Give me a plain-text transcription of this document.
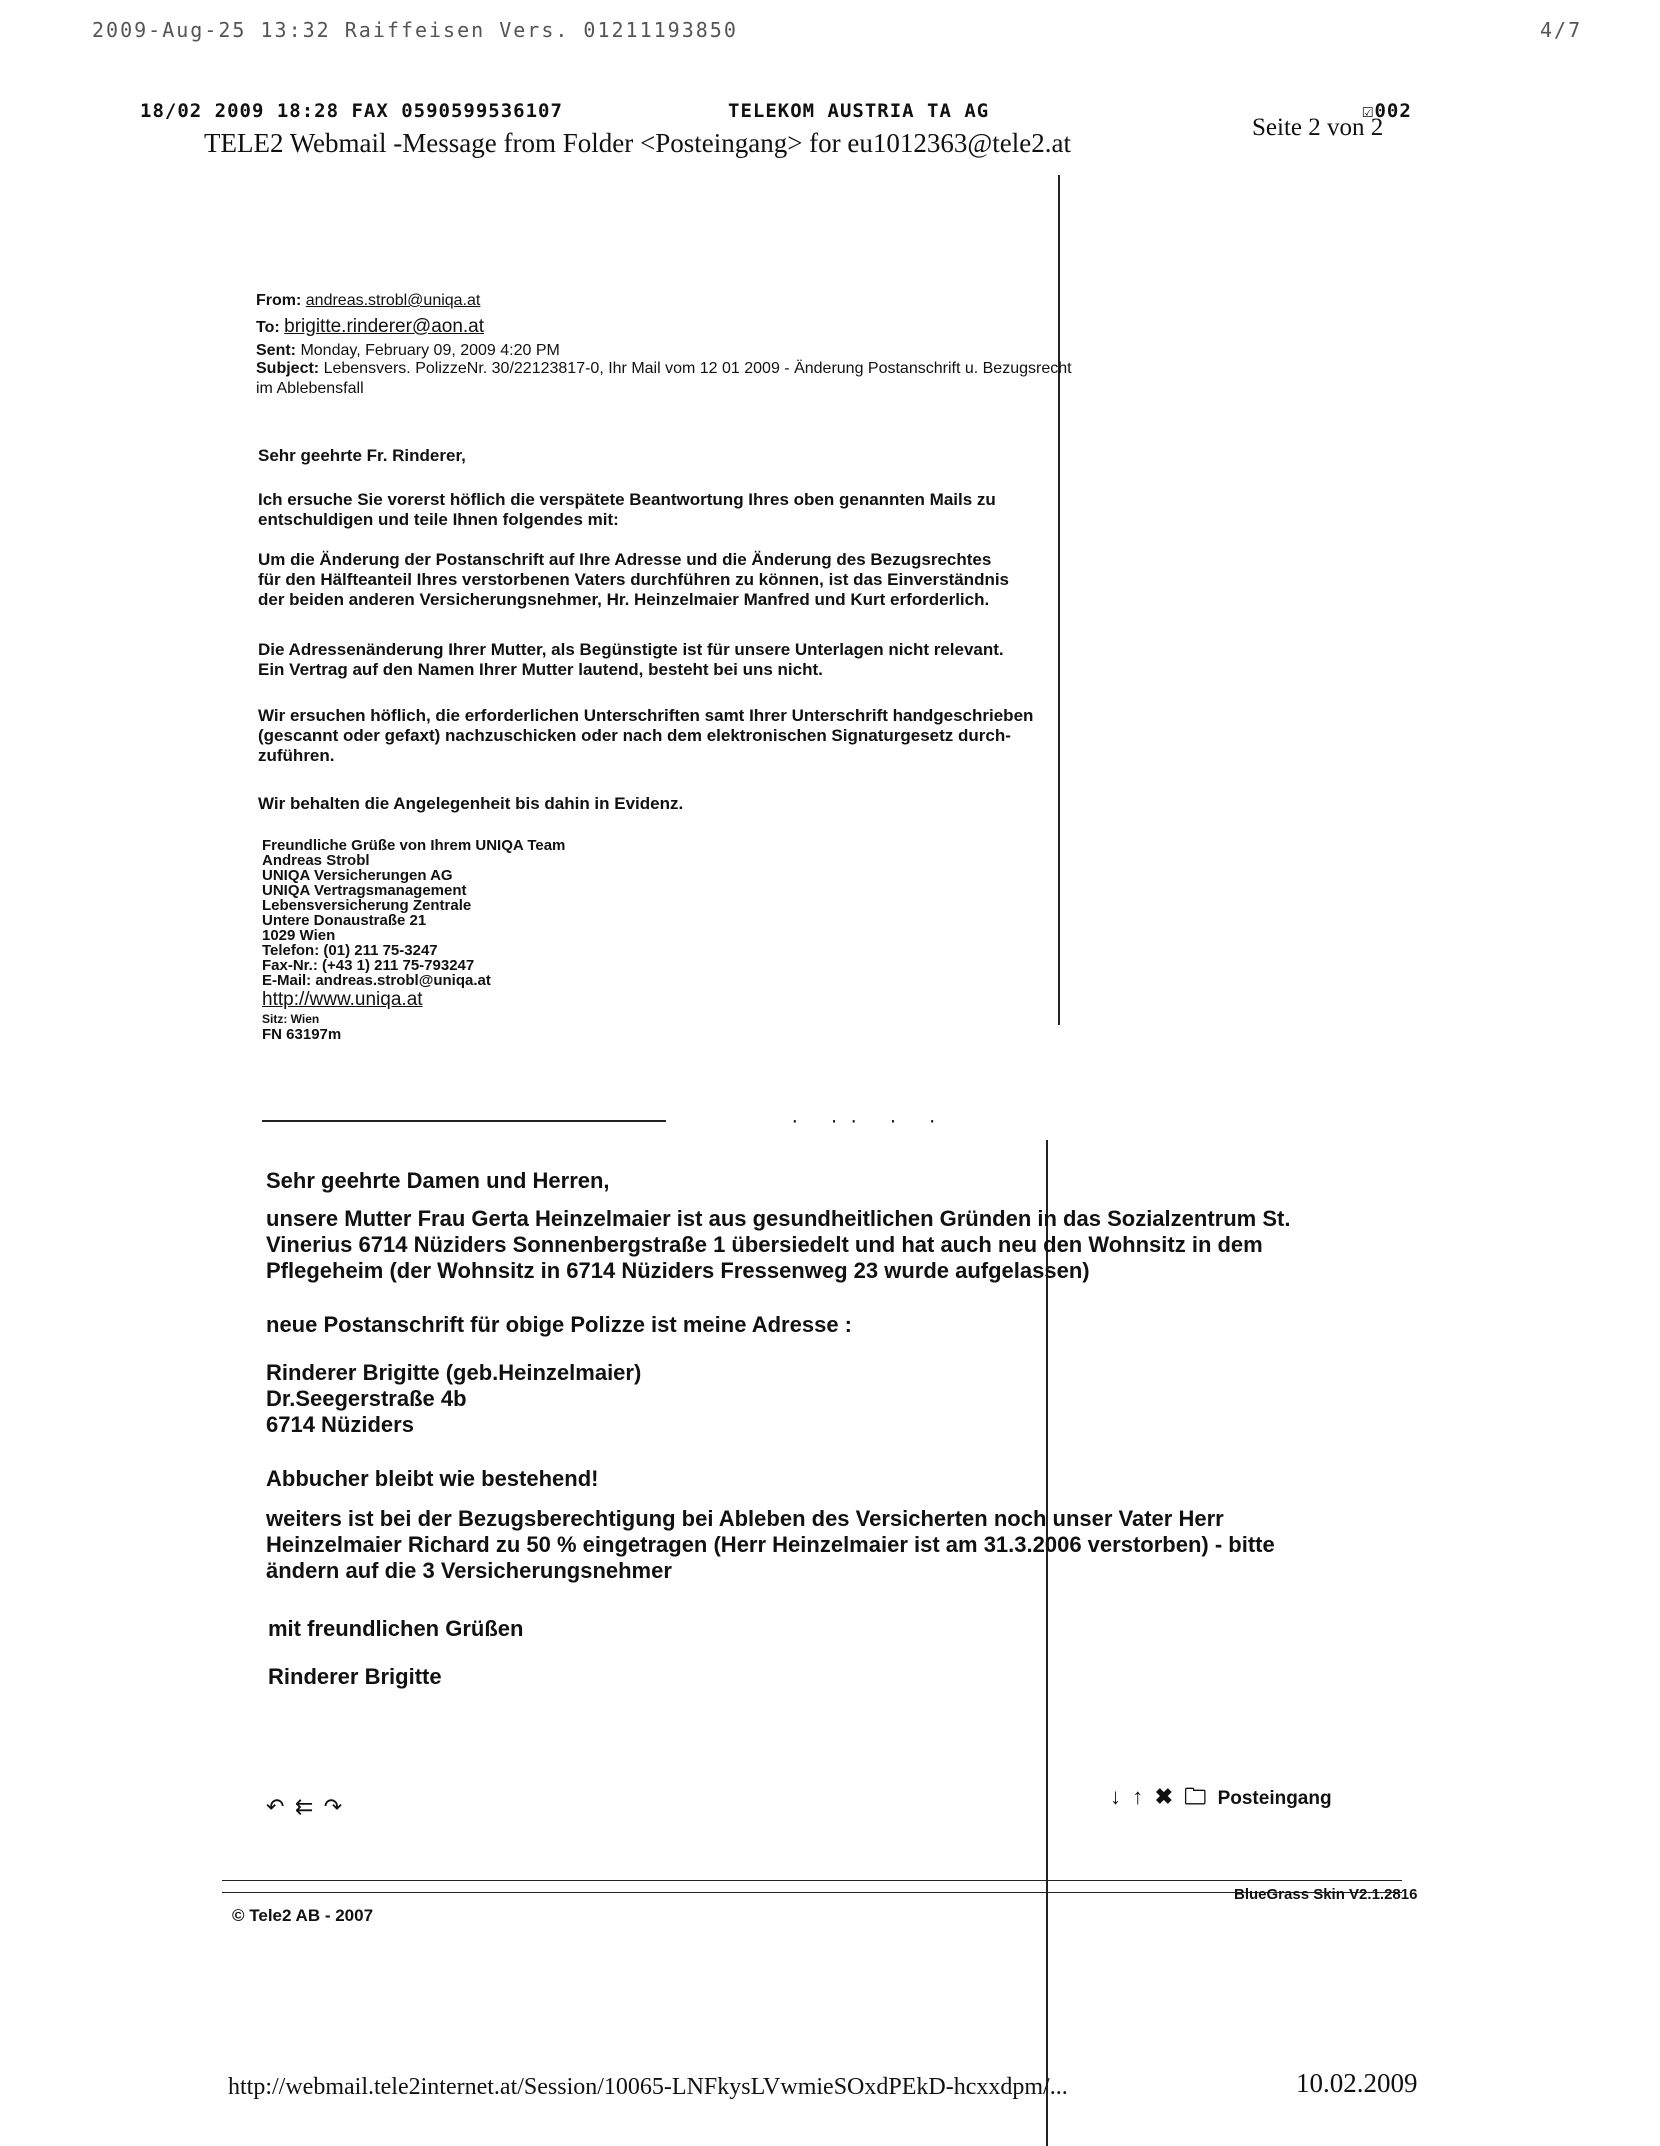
2009-Aug-25 13:32 Raiffeisen Vers. 01211193850	4/7
18/02 2009 18:28 FAX 0590599536107	TELEKOM AUSTRIA TA AG	☑002
TELE2 Webmail -Message from Folder <Posteingang> for eu1012363@tele2.at
Seite 2 von 2
From: andreas.strobl@uniqa.at
To: brigitte.rinderer@aon.at
Sent: Monday, February 09, 2009 4:20 PM
Subject: Lebensvers. PolizzeNr. 30/22123817-0, Ihr Mail vom 12 01 2009 - Änderung Postanschrift u. Bezugsrecht
im Ablebensfall
Sehr geehrte Fr. Rinderer,
Ich ersuche Sie vorerst höflich die verspätete Beantwortung Ihres oben genannten Mails zu
entschuldigen und teile Ihnen folgendes mit:
Um die Änderung der Postanschrift auf Ihre Adresse und die Änderung des Bezugsrechtes
für den Hälfteanteil Ihres verstorbenen Vaters durchführen zu können, ist das Einverständnis
der beiden anderen Versicherungsnehmer, Hr. Heinzelmaier Manfred und Kurt erforderlich.
Die Adressenänderung Ihrer Mutter, als Begünstigte ist für unsere Unterlagen nicht relevant.
Ein Vertrag auf den Namen Ihrer Mutter lautend, besteht bei uns nicht.
Wir ersuchen höflich, die erforderlichen Unterschriften samt Ihrer Unterschrift handgeschrieben
(gescannt oder gefaxt) nachzuschicken oder nach dem elektronischen Signaturgesetz durch-
zuführen.
Wir behalten die Angelegenheit bis dahin in Evidenz.
Freundliche Grüße von Ihrem UNIQA Team
Andreas Strobl
UNIQA Versicherungen AG
UNIQA Vertragsmanagement
Lebensversicherung Zentrale
Untere Donaustraße 21
1029 Wien
Telefon: (01) 211 75-3247
Fax-Nr.: (+43 1) 211 75-793247
E-Mail: andreas.strobl@uniqa.at
http://www.uniqa.at
Sitz: Wien
FN 63197m
· ·· · ·
Sehr geehrte Damen und Herren,
unsere Mutter Frau Gerta Heinzelmaier ist aus gesundheitlichen Gründen in das Sozialzentrum St.
Vinerius 6714 Nüziders Sonnenbergstraße 1 übersiedelt und hat auch neu den Wohnsitz in dem
Pflegeheim (der Wohnsitz in 6714 Nüziders Fressenweg 23 wurde aufgelassen)
neue Postanschrift für obige Polizze ist meine Adresse :
Rinderer Brigitte (geb.Heinzelmaier)
Dr.Seegerstraße 4b
6714 Nüziders
Abbucher bleibt wie bestehend!
weiters ist bei der Bezugsberechtigung bei Ableben des Versicherten noch unser Vater Herr
Heinzelmaier Richard zu 50 % eingetragen (Herr Heinzelmaier ist am 31.3.2006 verstorben) - bitte
ändern auf die 3 Versicherungsnehmer
mit freundlichen Grüßen
Rinderer Brigitte
↶ ⇇ ↷	↓ ↑ ✖ 🗀 Posteingang
© Tele2 AB - 2007
BlueGrass Skin V2.1.2816
http://webmail.tele2internet.at/Session/10065-LNFkysLVwmieSOxdPEkD-hcxxdpm/...	10.02.2009
